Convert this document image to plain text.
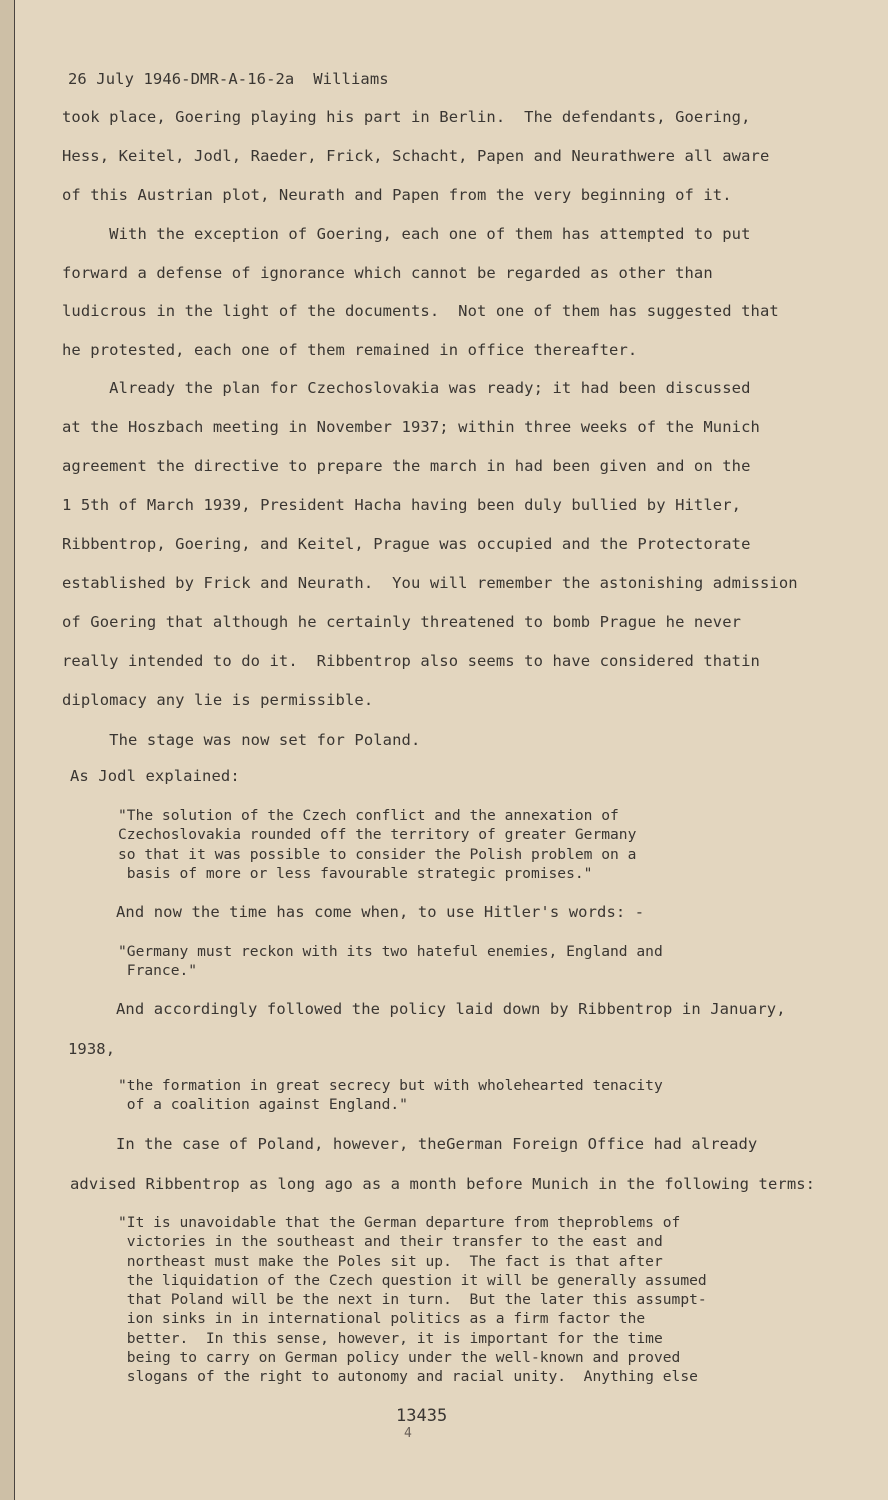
26 July 1946-DMR-A-16-2a  Williams
took place, Goering playing his part in Berlin.  The defendants, Goering,
Hess, Keitel, Jodl, Raeder, Frick, Schacht, Papen and Neurathwere all aware
of this Austrian plot, Neurath and Papen from the very beginning of it.
With the exception of Goering, each one of them has attempted to put
forward a defense of ignorance which cannot be regarded as other than
ludicrous in the light of the documents.  Not one of them has suggested that
he protested, each one of them remained in office thereafter.
Already the plan for Czechoslovakia was ready; it had been discussed
at the Hoszbach meeting in November 1937; within three weeks of the Munich
agreement the directive to prepare the march in had been given and on the
1 5th of March 1939, President Hacha having been duly bullied by Hitler,
Ribbentrop, Goering, and Keitel, Prague was occupied and the Protectorate
established by Frick and Neurath.  You will remember the astonishing admission
of Goering that although he certainly threatened to bomb Prague he never
really intended to do it.  Ribbentrop also seems to have considered thatin
diplomacy any lie is permissible.
The stage was now set for Poland.
As Jodl explained:
"The solution of the Czech conflict and the annexation of
Czechoslovakia rounded off the territory of greater Germany
so that it was possible to consider the Polish problem on a
basis of more or less favourable strategic promises."
And now the time has come when, to use Hitler's words: -
"Germany must reckon with its two hateful enemies, England and
France."
And accordingly followed the policy laid down by Ribbentrop in January,
1938,
"the formation in great secrecy but with wholehearted tenacity
of a coalition against England."
In the case of Poland, however, theGerman Foreign Office had already
advised Ribbentrop as long ago as a month before Munich in the following terms:
"It is unavoidable that the German departure from theproblems of
victories in the southeast and their transfer to the east and
northeast must make the Poles sit up.  The fact is that after
the liquidation of the Czech question it will be generally assumed
that Poland will be the next in turn.  But the later this assumpt-
ion sinks in in international politics as a firm factor the
better.  In this sense, however, it is important for the time
being to carry on German policy under the well-known and proved
slogans of the right to autonomy and racial unity.  Anything else
13435
4
